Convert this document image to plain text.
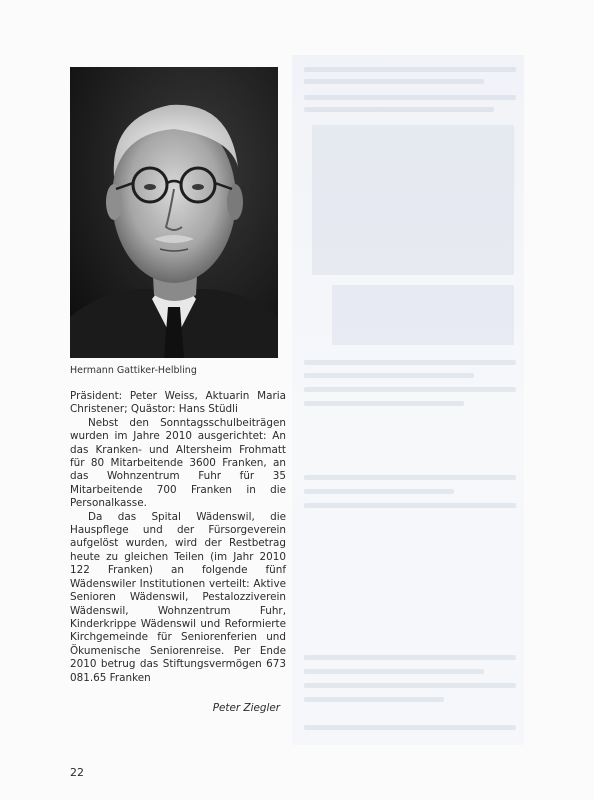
Hermann Gattiker-Helbling

Präsident: Peter Weiss, Aktuarin Maria Christener; Quästor: Hans Stüdli

Nebst den Sonntagsschulbeiträgen wurden im Jahre 2010 ausgerichtet: An das Kranken- und Altersheim Frohmatt für 80 Mitarbeitende 3600 Franken, an das Wohnzentrum Fuhr für 35 Mitarbeitende 700 Franken in die Personalkasse.

Da das Spital Wädenswil, die Hauspflege und der Fürsorgeverein aufgelöst wurden, wird der Restbetrag heute zu gleichen Teilen (im Jahr 2010 122 Franken) an folgende fünf Wädenswiler Institutionen verteilt: Aktive Senioren Wädenswil, Pestalozziverein Wädenswil, Wohnzentrum Fuhr, Kinderkrippe Wädenswil und Reformierte Kirchgemeinde für Seniorenferien und Ökumenische Seniorenreise. Per Ende 2010 betrug das Stiftungsvermögen 673 081.65 Franken

Peter Ziegler
22
